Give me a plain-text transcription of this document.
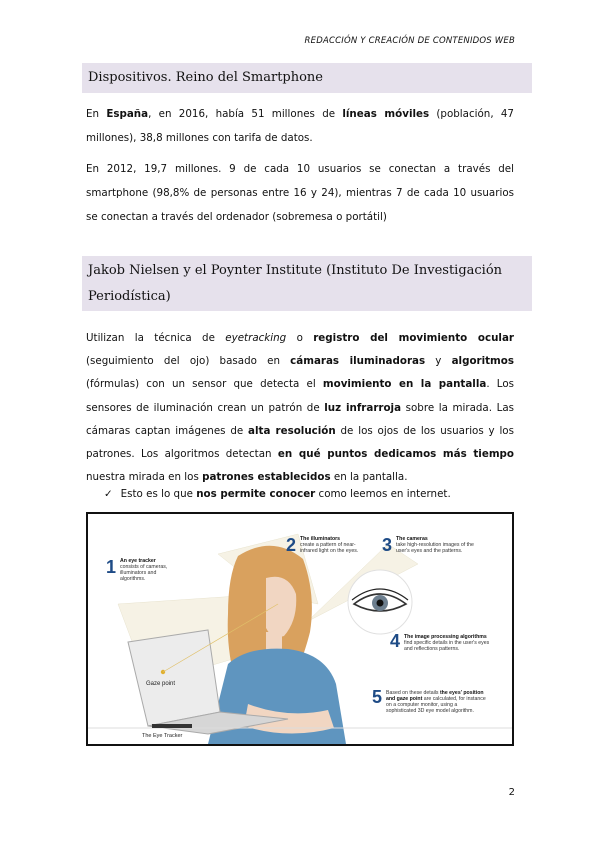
REDACCIÓN Y CREACIÓN DE CONTENIDOS WEB
Dispositivos. Reino del Smartphone

En España, en 2016, había 51 millones de líneas móviles (población, 47 millones), 38,8 millones con tarifa de datos.

En 2012, 19,7 millones. 9 de cada 10 usuarios se conectan a través del smartphone (98,8% de personas entre 16 y 24), mientras 7 de cada 10 usuarios se conectan a través del ordenador (sobremesa o portátil)

Jakob Nielsen y el Poynter Institute (Instituto De Investigación Periodística)

Utilizan la técnica de eyetracking o registro del movimiento ocular (seguimiento del ojo) basado en cámaras iluminadoras y algoritmos (fórmulas) con un sensor que detecta el movimiento en la pantalla. Los sensores de iluminación crean un patrón de luz infrarroja sobre la mirada. Las cámaras captan imágenes de alta resolución de los ojos de los usuarios y los patrones. Los algoritmos detectan en qué puntos dedicamos más tiempo nuestra mirada en los patrones establecidos en la pantalla.

✓ Esto es lo que nos permite conocer como leemos en internet.
1 An eye tracker
consists of cameras, illuminators and algorithms.
2 The illuminators
create a pattern of near-infrared light on the eyes.	3 The cameras
take high-resolution images of the user's eyes and the patterns.
4 The image processing algorithms
find specific details in the user's eyes and reflections patterns.
5 Based on these details the eyes' position and gaze point are calculated, for instance on a computer monitor, using a sophisticated 3D eye model algorithm.
Gaze point
The Eye Tracker
2
